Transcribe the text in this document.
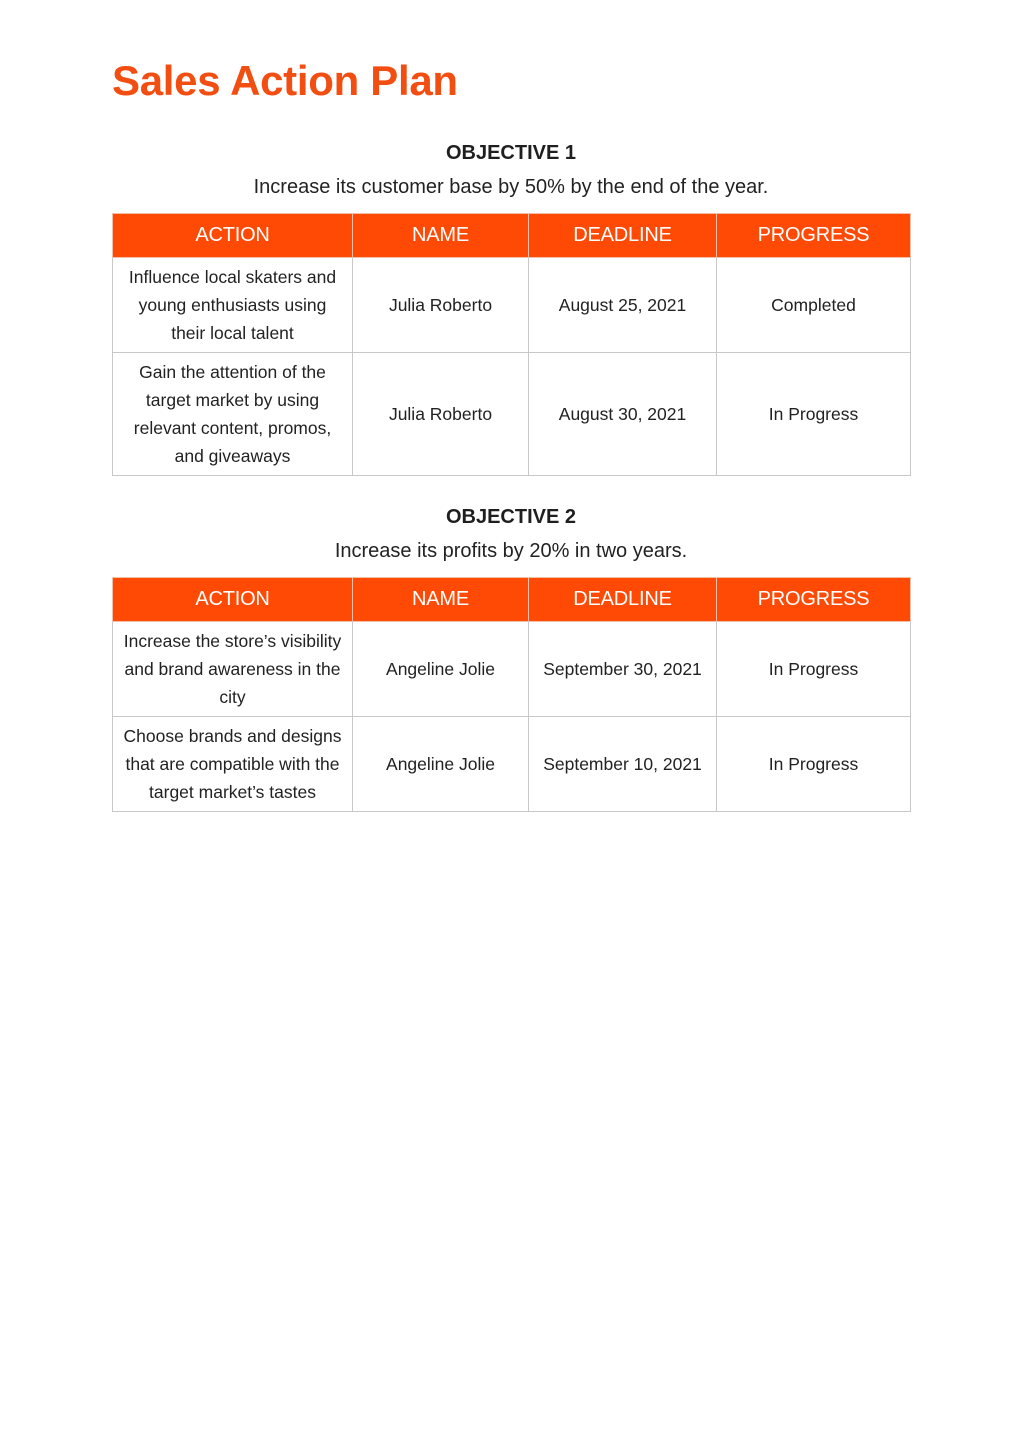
Sales Action Plan
OBJECTIVE 1
Increase its customer base by 50% by the end of the year.
ACTION	NAME	DEADLINE	PROGRESS
Influence local skaters and young enthusiasts using their local talent	Julia Roberto	August 25, 2021	Completed
Gain the attention of the target market by using relevant content, promos, and giveaways	Julia Roberto	August 30, 2021	In Progress
OBJECTIVE 2
Increase its profits by 20% in two years.
ACTION	NAME	DEADLINE	PROGRESS
Increase the store’s visibility and brand awareness in the city	Angeline Jolie	September 30, 2021	In Progress
Choose brands and designs that are compatible with the target market’s tastes	Angeline Jolie	September 10, 2021	In Progress
